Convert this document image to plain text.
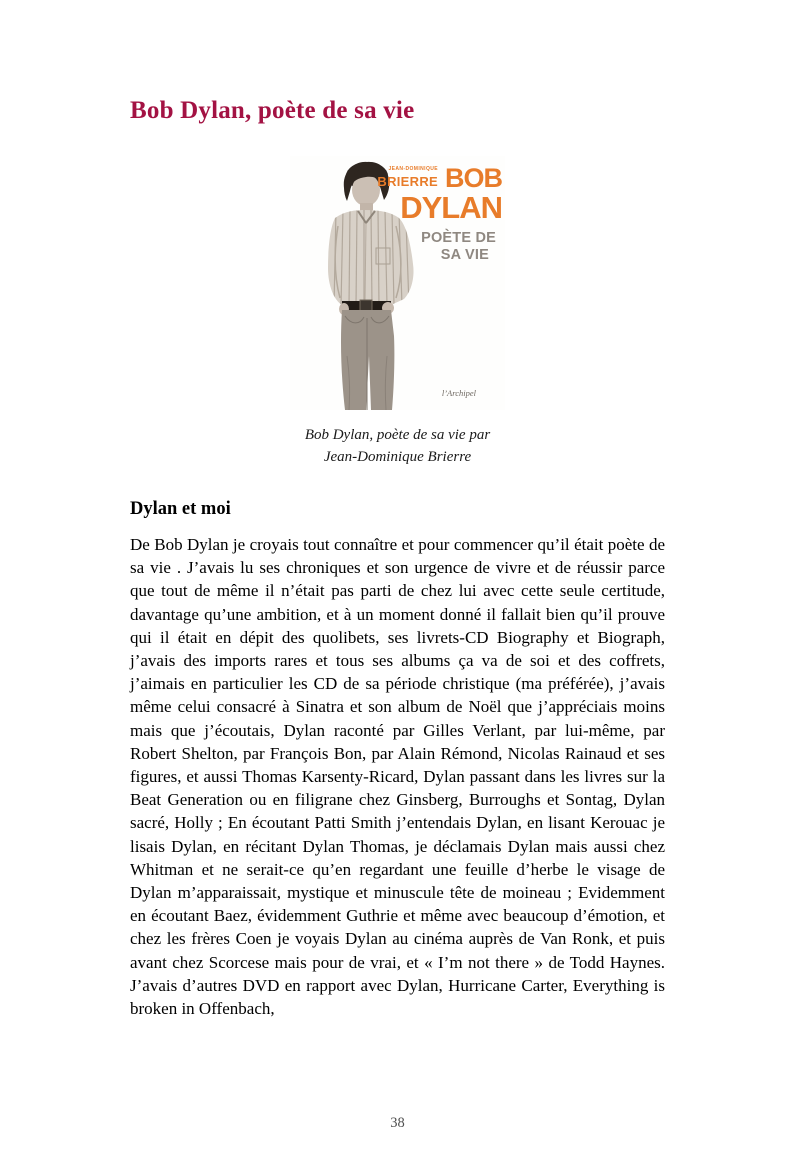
Bob Dylan, poète de sa vie
JEAN-DOMINIQUE
BRIERRE BOB
DYLAN
POÈTE DE
SA VIE
l’Archipel
Bob Dylan, poète de sa vie par
Jean-Dominique Brierre
Dylan et moi

De Bob Dylan je croyais tout connaître et pour commencer qu’il était poète de sa vie . J’avais lu ses chroniques et son urgence de vivre et de réussir parce que tout de même il n’était pas parti de chez lui avec cette seule certitude, davantage qu’une ambition, et à un moment donné il fallait bien qu’il prouve qui il était en dépit des quolibets, ses livrets-CD Biography et Biograph, j’avais des imports rares et tous ses albums ça va de soi et des coffrets, j’aimais en particulier les CD de sa période christique (ma préférée), j’avais même celui consacré à Sinatra et son album de Noël que j’appréciais moins mais que j’écoutais, Dylan raconté par Gilles Verlant, par lui-même, par Robert Shelton, par François Bon, par Alain Rémond, Nicolas Rainaud et ses figures, et aussi Thomas Karsenty-Ricard, Dylan passant dans les livres sur la Beat Generation ou en filigrane chez Ginsberg, Burroughs et Sontag, Dylan sacré, Holly ; En écoutant Patti Smith j’entendais Dylan, en lisant Kerouac je lisais Dylan, en récitant Dylan Thomas, je déclamais Dylan mais aussi chez Whitman et ne serait-ce qu’en regardant une feuille d’herbe le visage de Dylan m’apparaissait, mystique et minuscule tête de moineau ; Evidemment en écoutant Baez, évidemment Guthrie et même avec beaucoup d’émotion, et chez les frères Coen je voyais Dylan au cinéma auprès de Van Ronk, et puis avant chez Scorcese mais pour de vrai, et « I’m not there » de Todd Haynes. J’avais d’autres DVD en rapport avec Dylan, Hurricane Carter, Everything is broken in Offenbach,

38
